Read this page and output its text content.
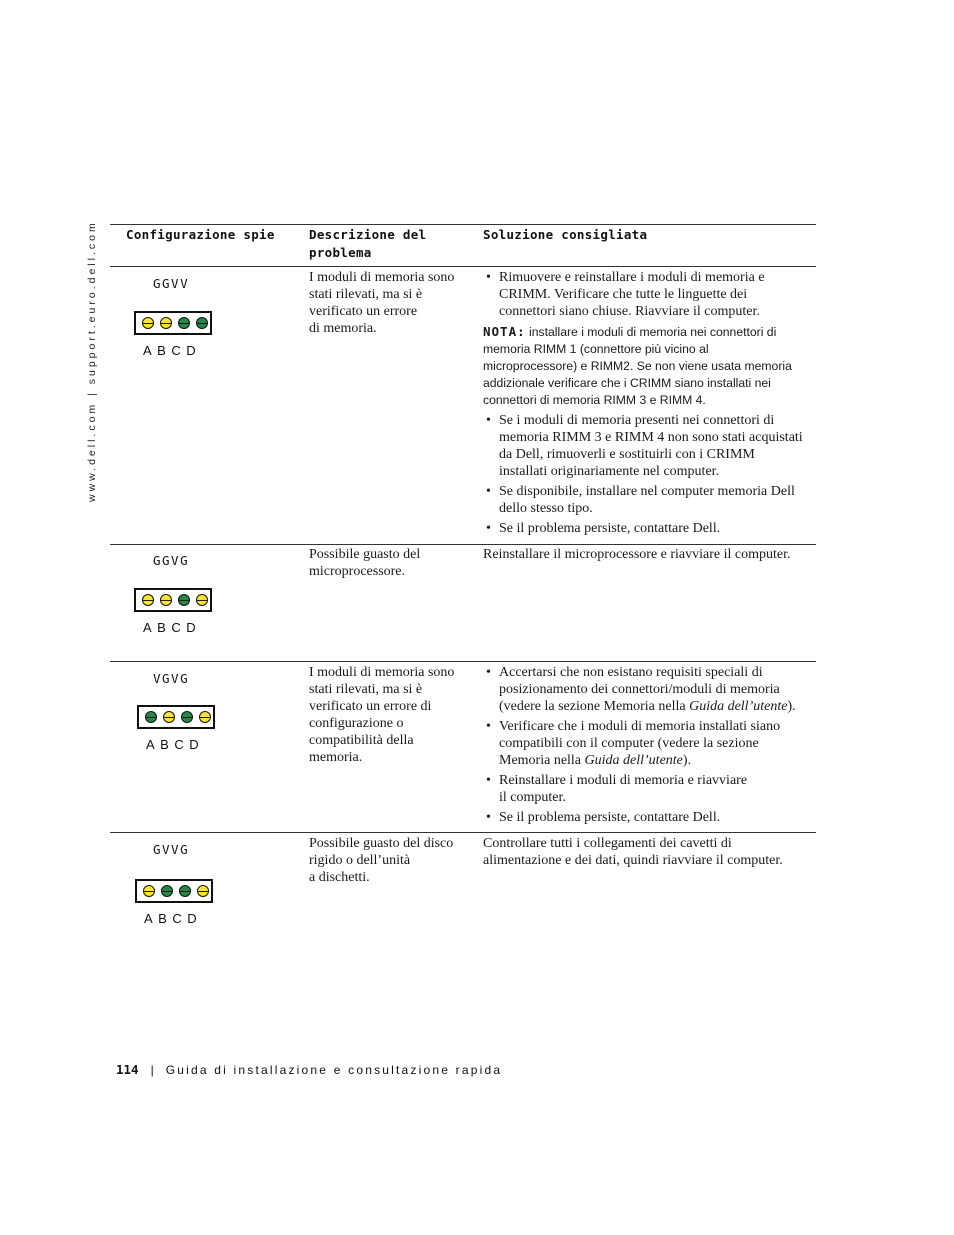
www.dell.com | support.euro.dell.com Configurazione spie	Descrizione del
problema
Soluzione consigliata
GGVV
ABCD
I moduli di memoria sono
stati rilevati, ma si è
verificato un errore
di memoria.
• Rimuovere e reinstallare i moduli di memoria e
CRIMM. Verificare che tutte le linguette dei
connettori siano chiuse. Riavviare il computer.
NOTA: installare i moduli di memoria nei connettori di
memoria RIMM 1 (connettore più vicino al
microprocessore) e RIMM2. Se non viene usata memoria
addizionale verificare che i CRIMM siano installati nei
connettori di memoria RIMM 3 e RIMM 4.
• Se i moduli di memoria presenti nei connettori di
memoria RIMM 3 e RIMM 4 non sono stati acquistati
da Dell, rimuoverli e sostituirli con i CRIMM
installati originariamente nel computer.
• Se disponibile, installare nel computer memoria Dell
dello stesso tipo.
• Se il problema persiste, contattare Dell.
GGVG
ABCD
Possibile guasto del
microprocessore.
Reinstallare il microprocessore e riavviare il computer.
VGVG
ABCD
I moduli di memoria sono
stati rilevati, ma si è
verificato un errore di
configurazione o
compatibilità della
memoria.
• Accertarsi che non esistano requisiti speciali di
posizionamento dei connettori/moduli di memoria
(vedere la sezione Memoria nella Guida dell’utente).
• Verificare che i moduli di memoria installati siano
compatibili con il computer (vedere la sezione
Memoria nella Guida dell’utente).
• Reinstallare i moduli di memoria e riavviare
il computer.
• Se il problema persiste, contattare Dell.
GVVG
ABCD
Possibile guasto del disco
rigido o dell’unità
a dischetti.
Controllare tutti i collegamenti dei cavetti di
alimentazione e dei dati, quindi riavviare il computer.
114 | Guida di installazione e consultazione rapida
